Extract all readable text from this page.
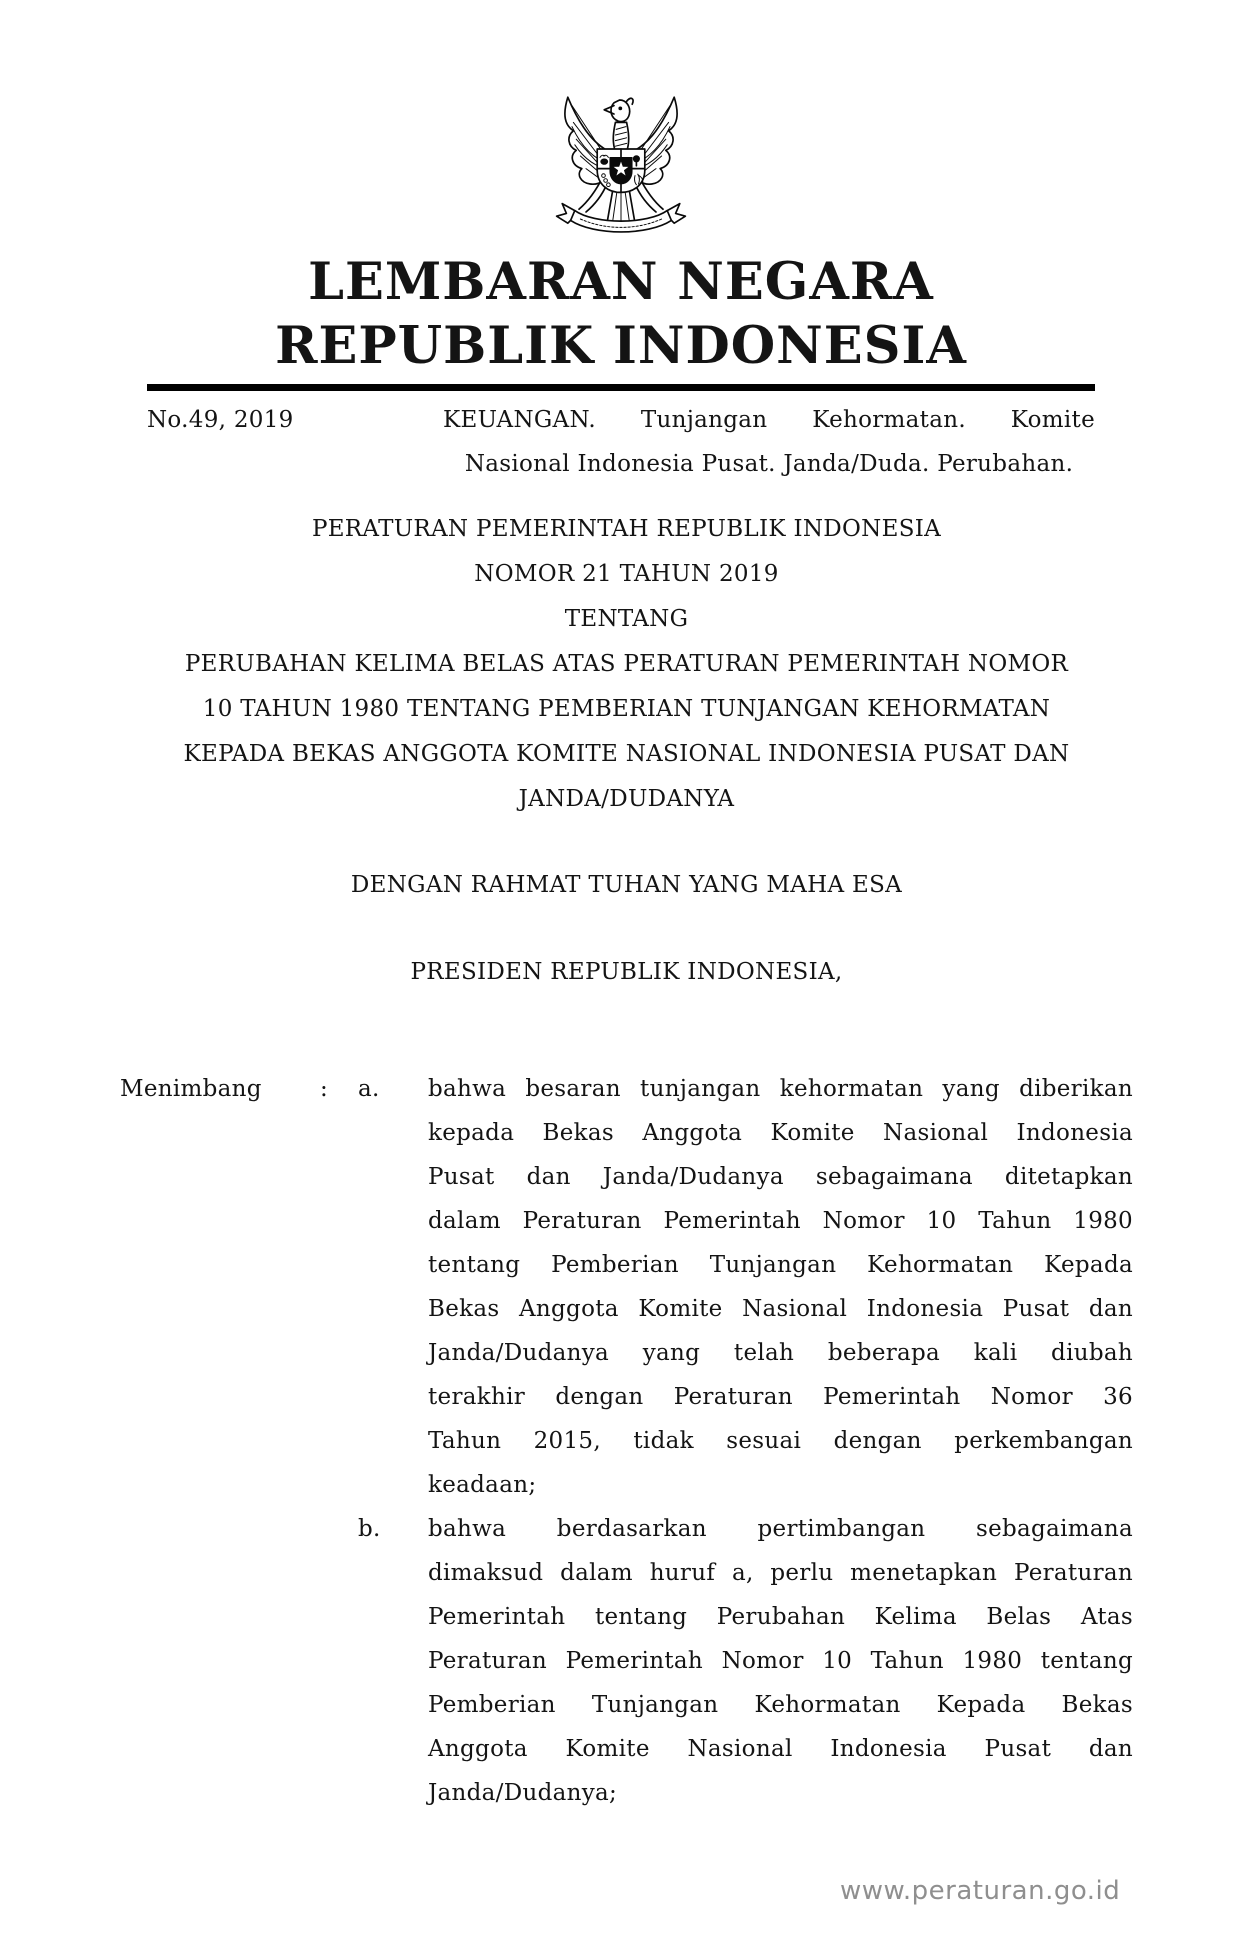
LEMBARAN NEGARA
REPUBLIK INDONESIA
No.49, 2019	KEUANGAN. Tunjangan Kehormatan. Komite
Nasional Indonesia Pusat. Janda/Duda. Perubahan.
PERATURAN PEMERINTAH REPUBLIK INDONESIA
NOMOR 21 TAHUN 2019
TENTANG
PERUBAHAN KELIMA BELAS ATAS PERATURAN PEMERINTAH NOMOR
10 TAHUN 1980 TENTANG PEMBERIAN TUNJANGAN KEHORMATAN
KEPADA BEKAS ANGGOTA KOMITE NASIONAL INDONESIA PUSAT DAN
JANDA/DUDANYA
DENGAN RAHMAT TUHAN YANG MAHA ESA
PRESIDEN REPUBLIK INDONESIA,
Menimbang	:	a.	bahwa besaran tunjangan kehormatan yang diberikan
kepada Bekas Anggota Komite Nasional Indonesia
Pusat dan Janda/Dudanya sebagaimana ditetapkan
dalam Peraturan Pemerintah Nomor 10 Tahun 1980
tentang Pemberian Tunjangan Kehormatan Kepada
Bekas Anggota Komite Nasional Indonesia Pusat dan
Janda/Dudanya yang telah beberapa kali diubah
terakhir dengan Peraturan Pemerintah Nomor 36
Tahun 2015, tidak sesuai dengan perkembangan
keadaan;
b.	bahwa berdasarkan pertimbangan sebagaimana
dimaksud dalam huruf a, perlu menetapkan Peraturan
Pemerintah tentang Perubahan Kelima Belas Atas
Peraturan Pemerintah Nomor 10 Tahun 1980 tentang
Pemberian Tunjangan Kehormatan Kepada Bekas
Anggota Komite Nasional Indonesia Pusat dan
Janda/Dudanya;
www.peraturan.go.id
